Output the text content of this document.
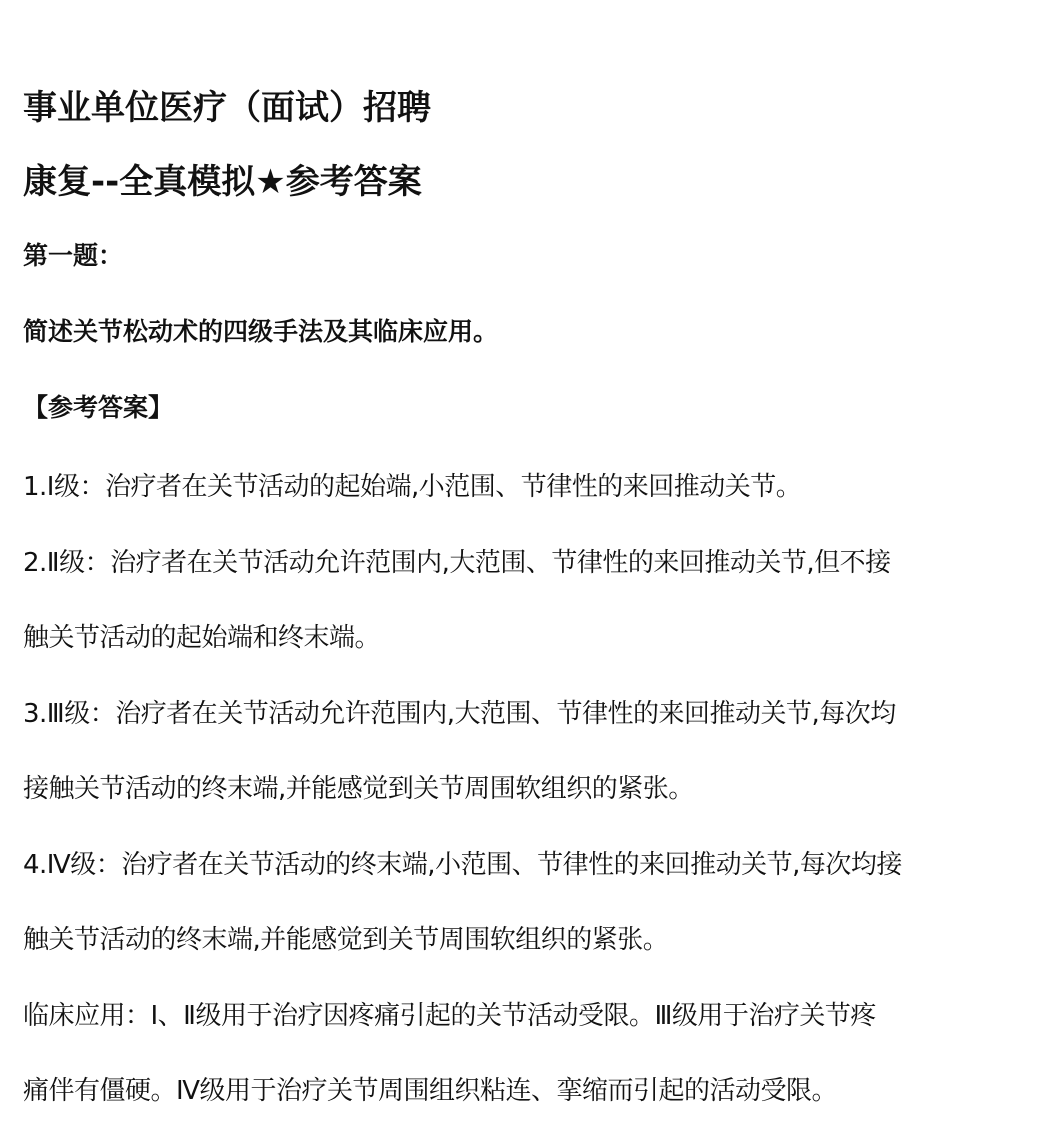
事业单位医疗（面试）招聘
康复--全真模拟★参考答案
第一题：
简述关节松动术的四级手法及其临床应用。
【参考答案】
1.Ⅰ级：治疗者在关节活动的起始端,小范围、节律性的来回推动关节。
2.Ⅱ级：治疗者在关节活动允许范围内,大范围、节律性的来回推动关节,但不接
触关节活动的起始端和终末端。
3.Ⅲ级：治疗者在关节活动允许范围内,大范围、节律性的来回推动关节,每次均
接触关节活动的终末端,并能感觉到关节周围软组织的紧张。
4.Ⅳ级：治疗者在关节活动的终末端,小范围、节律性的来回推动关节,每次均接
触关节活动的终末端,并能感觉到关节周围软组织的紧张。
临床应用：Ⅰ、Ⅱ级用于治疗因疼痛引起的关节活动受限。Ⅲ级用于治疗关节疼
痛伴有僵硬。Ⅳ级用于治疗关节周围组织粘连、挛缩而引起的活动受限。
